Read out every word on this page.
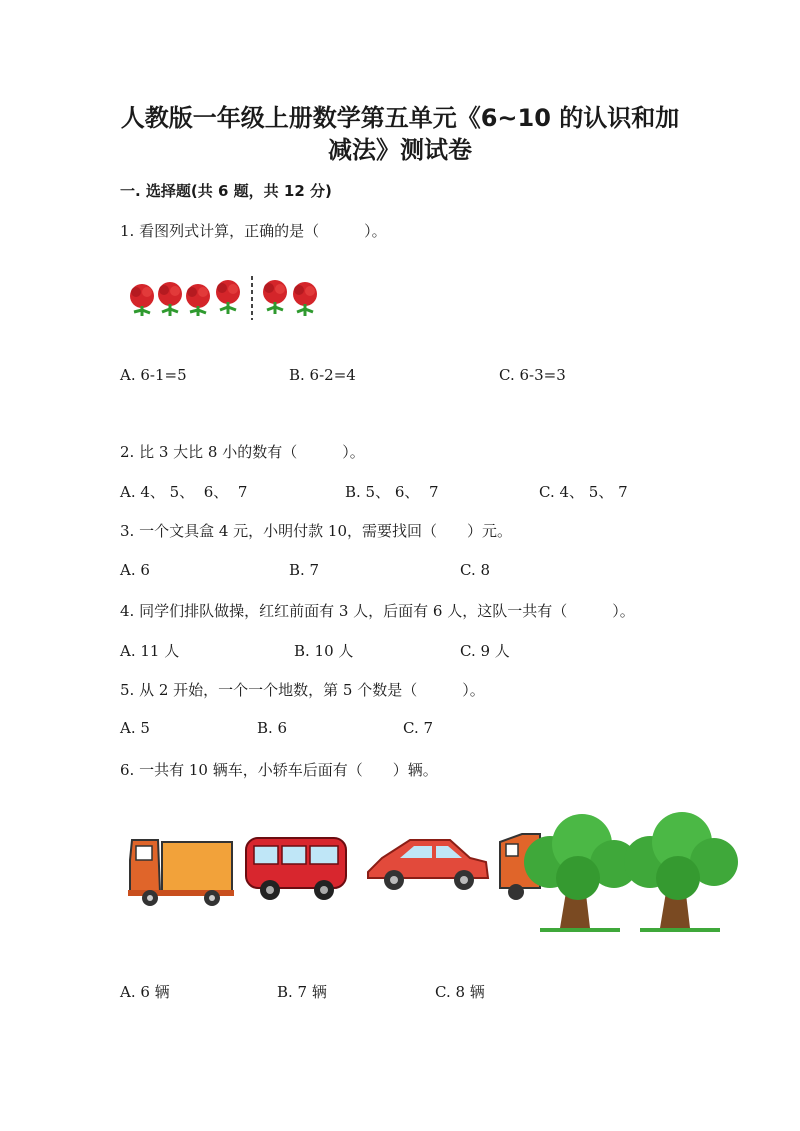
人教版一年级上册数学第五单元《6~10 的认识和加
减法》测试卷
一. 选择题(共 6 题，共 12 分)
1. 看图列式计算，正确的是（　　　）。
A. 6-1=5	B. 6-2=4	C. 6-3=3
2. 比 3 大比 8 小的数有（　　　）。
A. 4、 5、  6、  7	B. 5、 6、  7	C. 4、 5、 7
3. 一个文具盒 4 元，小明付款 10，需要找回（　　）元。
A. 6	B. 7	C. 8
4. 同学们排队做操，红红前面有 3 人，后面有 6 人，这队一共有（　　　）。
A. 11 人	B. 10 人	C. 9 人
5. 从 2 开始，一个一个地数，第 5 个数是（　　　）。
A. 5	B. 6	C. 7
6. 一共有 10 辆车，小轿车后面有（　　）辆。
A. 6 辆	B. 7 辆	C. 8 辆
